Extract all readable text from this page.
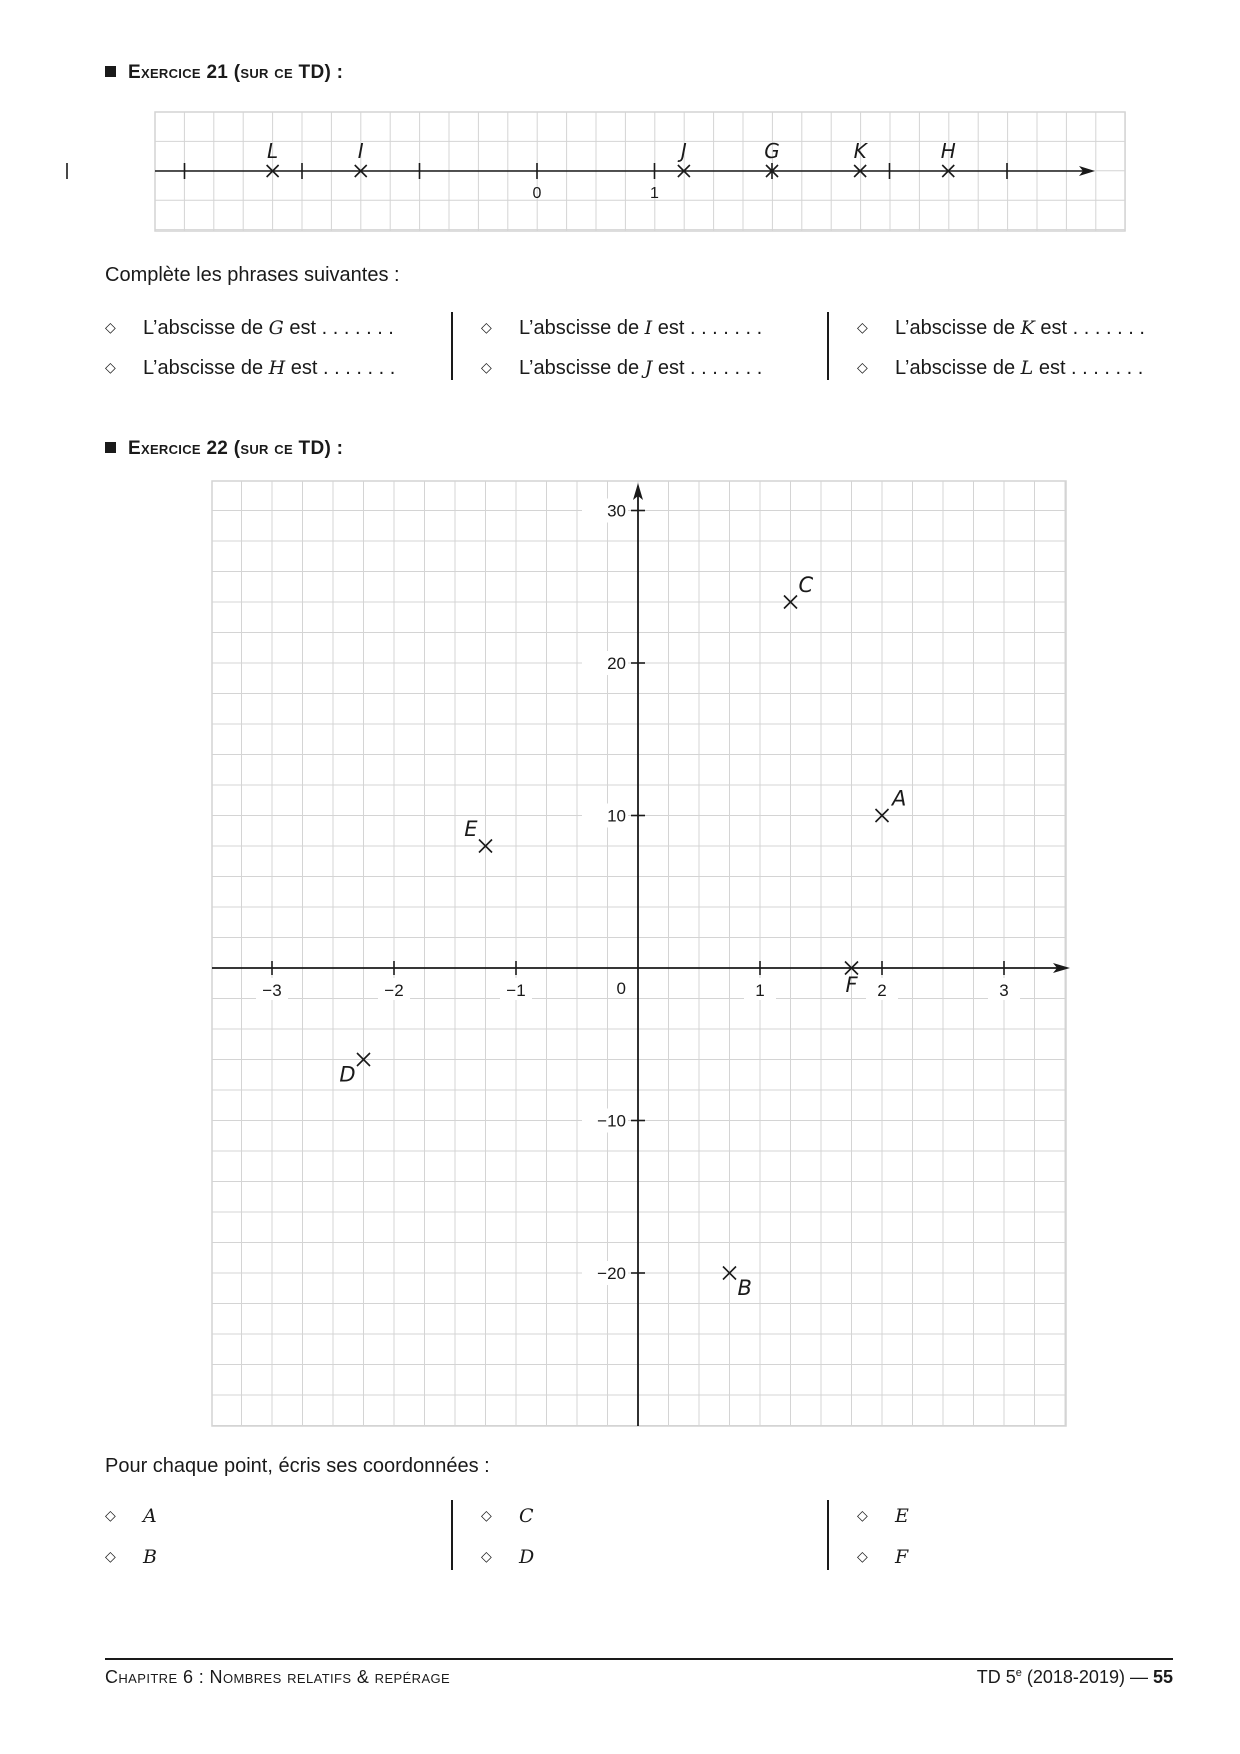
Exercice 21 (sur ce TD) :
0	1
L	I	J	G	K	H
Complète les phrases suivantes :
◇ L’abscisse de G est . . . . . . .
◇ L’abscisse de H est . . . . . . .
◇ L’abscisse de I est . . . . . . .
◇ L’abscisse de J est . . . . . . .
◇ L’abscisse de K est . . . . . . .
◇ L’abscisse de L est . . . . . . .
Exercice 22 (sur ce TD) :
−3	−2	−1	1	2	3
30
20
10
−10
−20
0
A
B
C
D
E
F
Pour chaque point, écris ses coordonnées :
◇ A
◇ B
◇ C
◇ D
◇ E
◇ F
Chapitre 6 : Nombres relatifs & repérage	TD 5e (2018-2019) — 55
